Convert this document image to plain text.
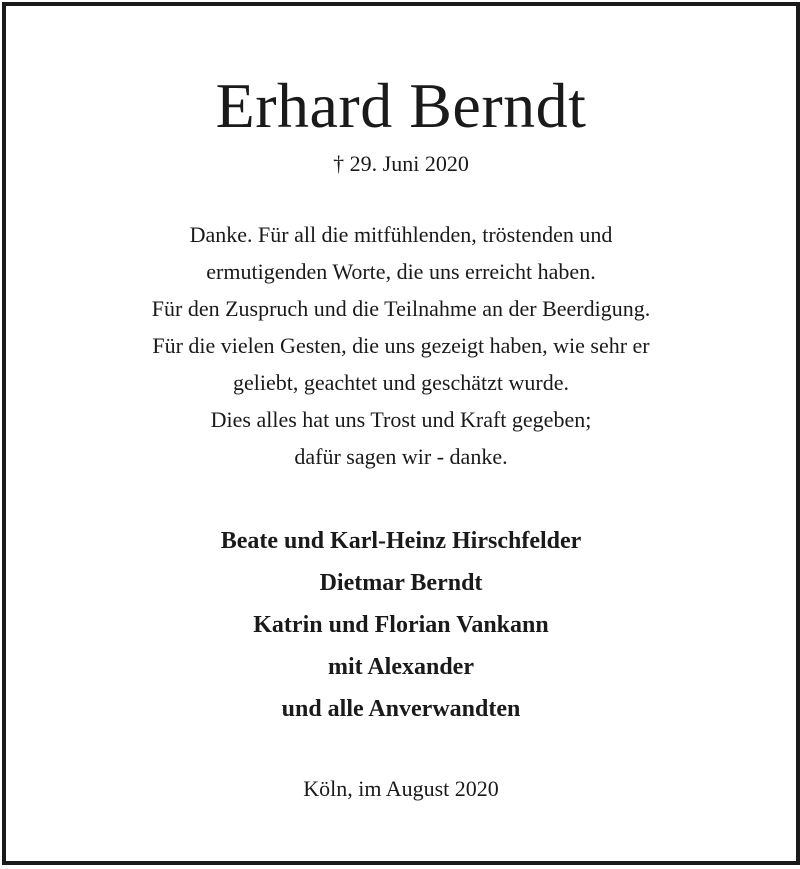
Erhard Berndt
† 29. Juni 2020
Danke. Für all die mitfühlenden, tröstenden und
ermutigenden Worte, die uns erreicht haben.
Für den Zuspruch und die Teilnahme an der Beerdigung.
Für die vielen Gesten, die uns gezeigt haben, wie sehr er
geliebt, geachtet und geschätzt wurde.
Dies alles hat uns Trost und Kraft gegeben;
dafür sagen wir - danke.
Beate und Karl-Heinz Hirschfelder
Dietmar Berndt
Katrin und Florian Vankann
mit Alexander
und alle Anverwandten
Köln, im August 2020
